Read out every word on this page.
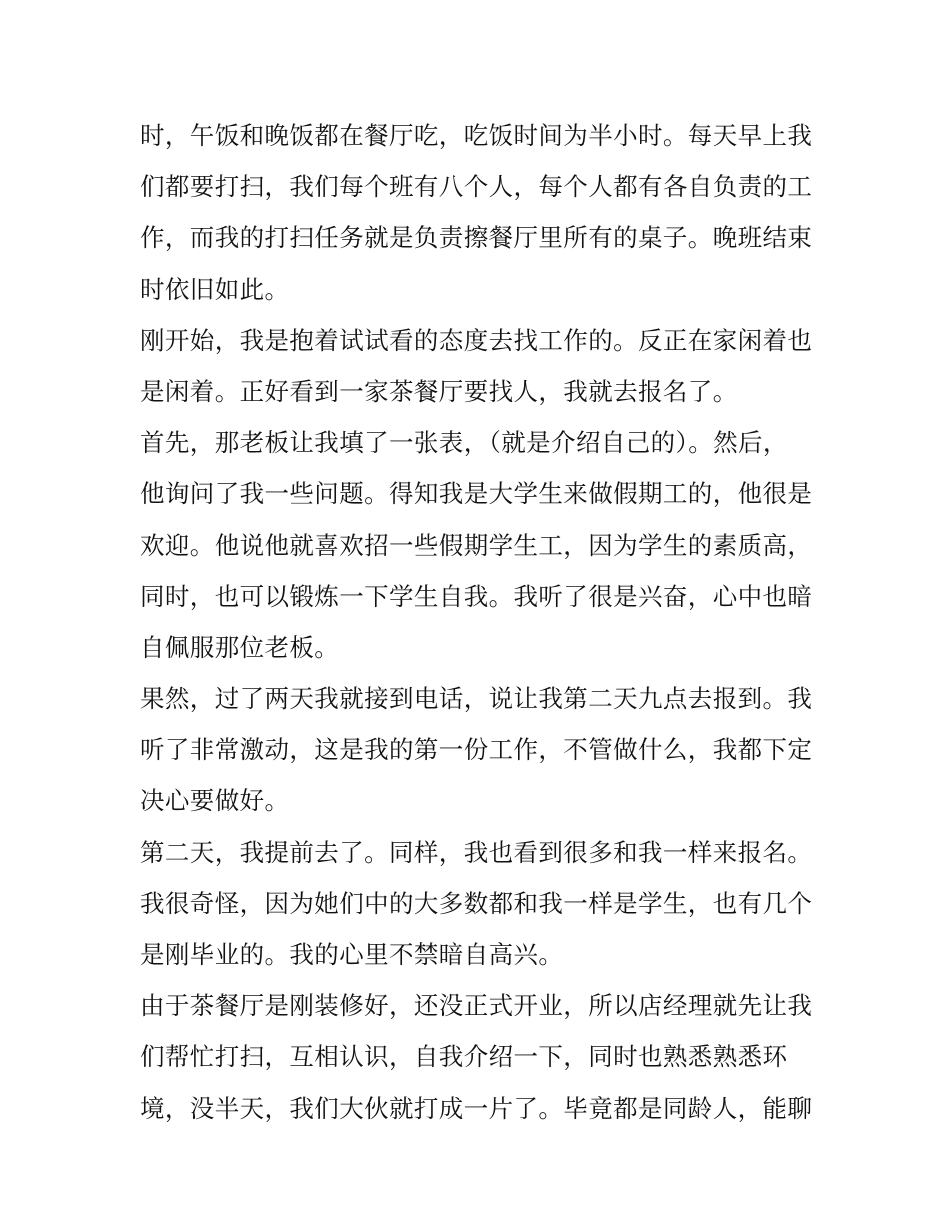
时，午饭和晚饭都在餐厅吃，吃饭时间为半小时。每天早上我
们都要打扫，我们每个班有八个人，每个人都有各自负责的工
作，而我的打扫任务就是负责擦餐厅里所有的桌子。晚班结束
时依旧如此。
刚开始，我是抱着试试看的态度去找工作的。反正在家闲着也
是闲着。正好看到一家茶餐厅要找人，我就去报名了。
首先，那老板让我填了一张表，（就是介绍自己的）。然后，
他询问了我一些问题。得知我是大学生来做假期工的，他很是
欢迎。他说他就喜欢招一些假期学生工，因为学生的素质高，
同时，也可以锻炼一下学生自我。我听了很是兴奋，心中也暗
自佩服那位老板。
果然，过了两天我就接到电话，说让我第二天九点去报到。我
听了非常激动，这是我的第一份工作，不管做什么，我都下定
决心要做好。
第二天，我提前去了。同样，我也看到很多和我一样来报名。
我很奇怪，因为她们中的大多数都和我一样是学生，也有几个
是刚毕业的。我的心里不禁暗自高兴。
由于茶餐厅是刚装修好，还没正式开业，所以店经理就先让我
们帮忙打扫，互相认识，自我介绍一下，同时也熟悉熟悉环
境，没半天，我们大伙就打成一片了。毕竟都是同龄人，能聊
